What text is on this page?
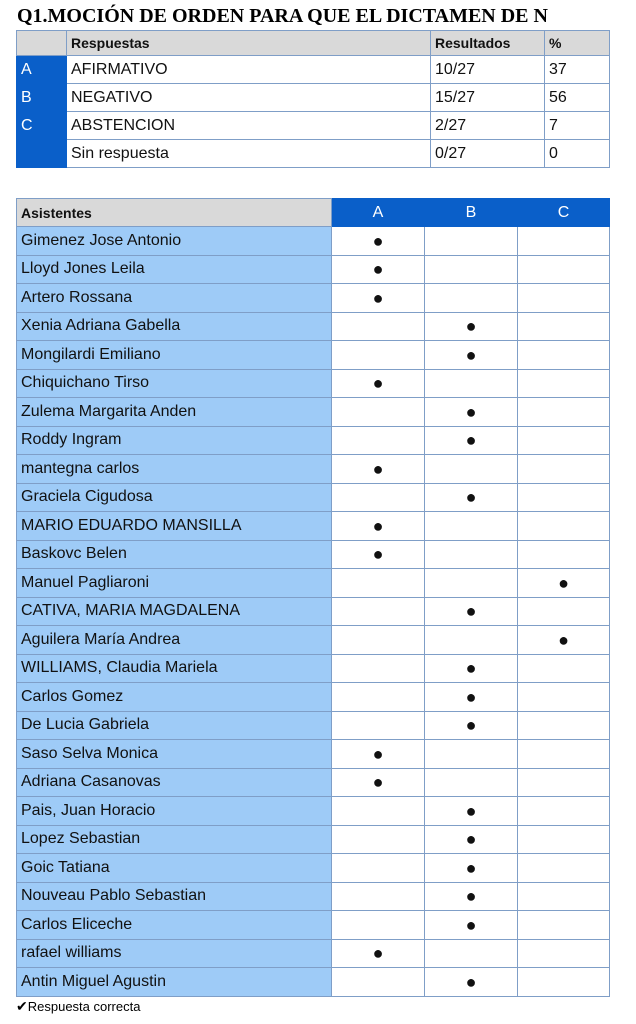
Q1.MOCIÓN DE ORDEN PARA QUE EL DICTAMEN DE N
	Respuestas	Resultados	%
A	AFIRMATIVO	10/27	37
B	NEGATIVO	15/27	56
C	ABSTENCION	2/27	7
	Sin respuesta	0/27	0
Asistentes	A	B	C
Gimenez Jose Antonio	●		
Lloyd Jones Leila	●		
Artero Rossana	●		
Xenia Adriana Gabella		●	
Mongilardi Emiliano		●	
Chiquichano Tirso	●		
Zulema Margarita Anden		●	
Roddy Ingram		●	
mantegna carlos	●		
Graciela Cigudosa		●	
MARIO EDUARDO MANSILLA	●		
Baskovc Belen	●		
Manuel Pagliaroni			●
CATIVA, MARIA MAGDALENA		●	
Aguilera María Andrea			●
WILLIAMS, Claudia Mariela		●	
Carlos Gomez		●	
De Lucia Gabriela		●	
Saso Selva Monica	●		
Adriana Casanovas	●		
Pais, Juan Horacio		●	
Lopez Sebastian		●	
Goic Tatiana		●	
Nouveau Pablo Sebastian		●	
Carlos Eliceche		●	
rafael williams	●		
Antin Miguel Agustin		●	
✔Respuesta correcta
